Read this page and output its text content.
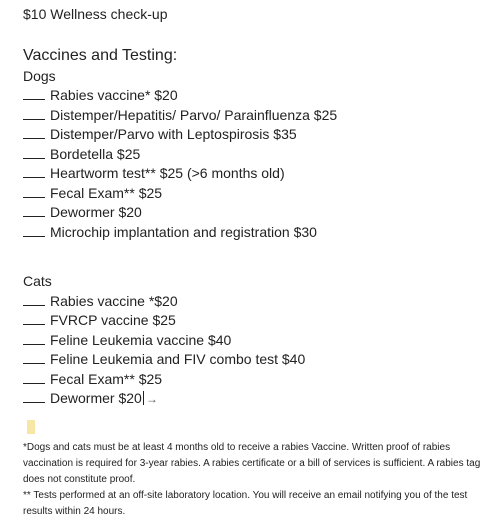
$10 Wellness check-up
Vaccines and Testing:
Dogs
Rabies vaccine* $20
Distemper/Hepatitis/ Parvo/ Parainfluenza $25
Distemper/Parvo with Leptospirosis $35
Bordetella $25
Heartworm test** $25 (>6 months old)
Fecal Exam** $25
Dewormer $20
Microchip implantation and registration $30
Cats
Rabies vaccine *$20
FVRCP vaccine $25
Feline Leukemia vaccine $40
Feline Leukemia and FIV combo test $40
Fecal Exam** $25
Dewormer $20 →
*Dogs and cats must be at least 4 months old to receive a rabies Vaccine. Written proof of rabies vaccination is required for 3-year rabies. A rabies certificate or a bill of services is sufficient. A rabies tag does not constitute proof.
** Tests performed at an off-site laboratory location. You will receive an email notifying you of the test results within 24 hours.
